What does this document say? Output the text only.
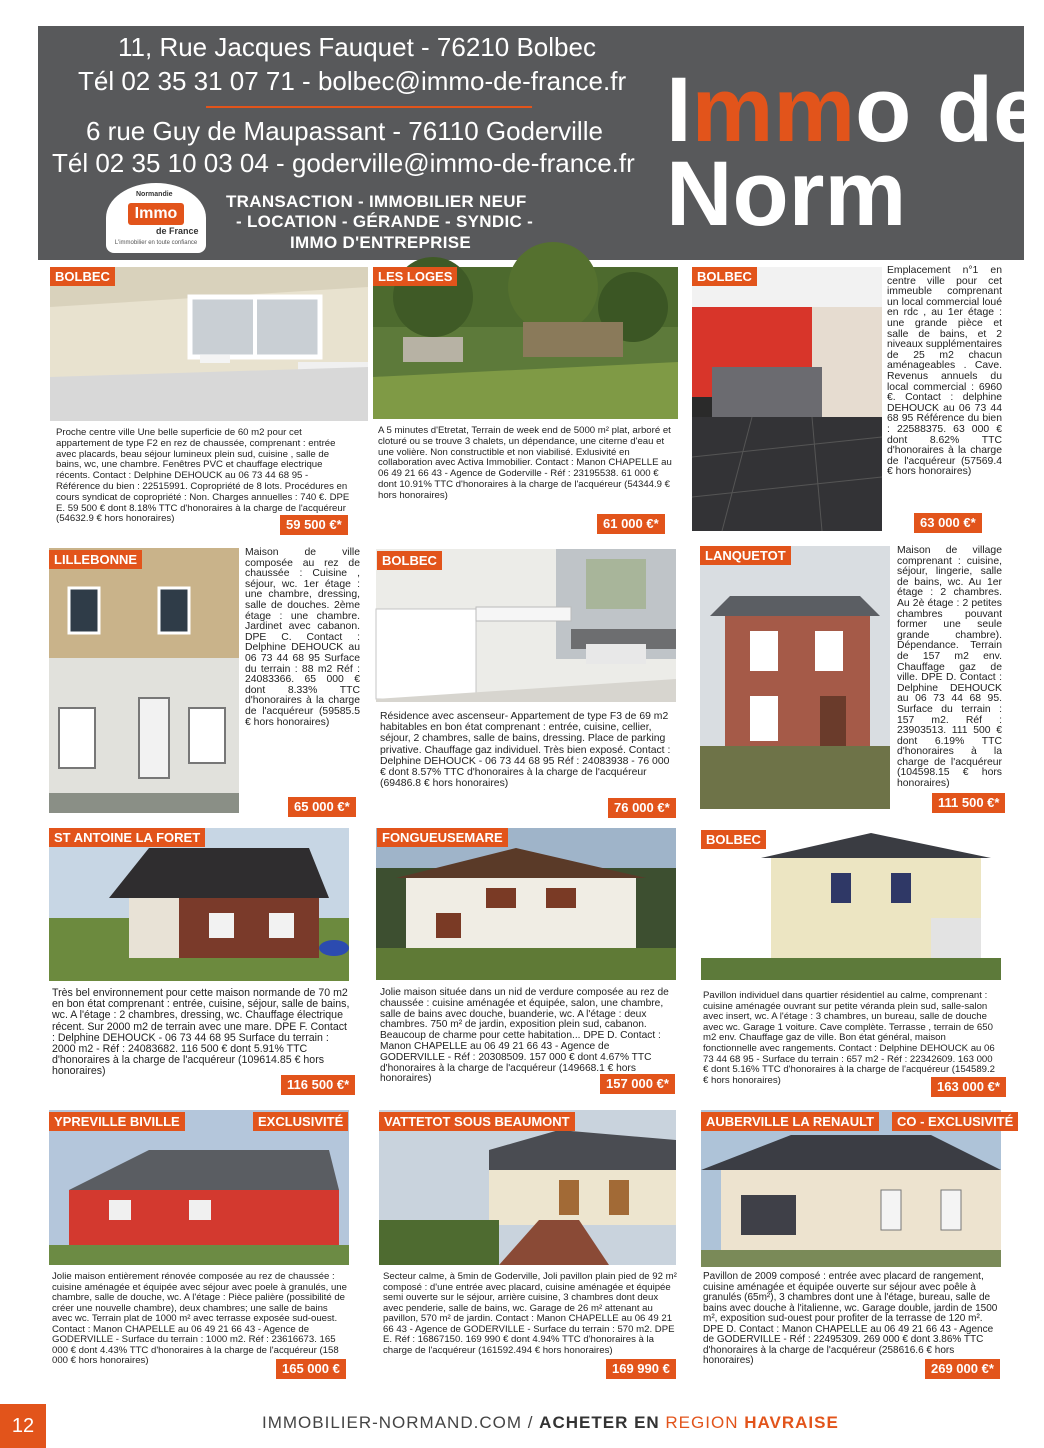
11, Rue Jacques Fauquet - 76210 Bolbec
Tél 02 35 31 07 71 - bolbec@immo-de-france.fr
6 rue Guy de Maupassant - 76110 Goderville
Tél 02 35 10 03 04 - goderville@immo-de-france.fr
Normandie
Immo
de France
L'immobilier en toute confiance
TRANSACTION - IMMOBILIER NEUF
- LOCATION - GÉRANDE - SYNDIC -
IMMO D'ENTREPRISE
Immo de
Norm
BOLBEC
Proche centre ville Une belle superficie de 60 m2 pour cet appartement de type F2 en rez de chaussée, comprenant : entrée avec placards, beau séjour lumineux plein sud, cuisine , salle de bains, wc, une chambre. Fenêtres PVC et chauffage electrique récents. Contact : Delphine DEHOUCK au 06 73 44 68 95 - Référence du bien : 22515991. Copropriété de 8 lots. Procédures en cours syndicat de copropriété : Non. Charges annuelles : 740 €. DPE E. 59 500 € dont 8.18% TTC d'honoraires à la charge de l'acquéreur (54632.9 € hors honoraires)	59 500 €*
LES LOGES
A 5 minutes d'Etretat, Terrain de week end de 5000 m² plat, arboré et cloturé ou se trouve 3 chalets, un dépendance, une citerne d'eau et une volière. Non constructible et non viabilisé. Exlusivité en collaboration avec Activa Immobilier. Contact : Manon CHAPELLE au 06 49 21 66 43 - Agence de Goderville - Réf : 23195538. 61 000 € dont 10.91% TTC d'honoraires à la charge de l'acquéreur (54344.9 € hors honoraires)
61 000 €*
BOLBEC	Emplacement n°1 en centre ville pour cet immeuble comprenant un local commercial loué en rdc , au 1er étage : une grande pièce et salle de bains, et 2 niveaux supplémentaires de 25 m2 chacun aménageables . Cave. Revenus annuels du local commercial : 6960 €. Contact : delphine DEHOUCK au 06 73 44 68 95 Référence du bien : 22588375. 63 000 € dont 8.62% TTC d'honoraires à la charge de l'acquéreur (57569.4 € hors honoraires)
63 000 €*
LILLEBONNE	Maison de ville composée au rez de chaussée : Cuisine , séjour, wc. 1er étage : une chambre, dressing, salle de douches. 2ème étage : une chambre. Jardinet avec cabanon. DPE C. Contact : Delphine DEHOUCK au 06 73 44 68 95 Surface du terrain : 88 m2 Réf : 24083366. 65 000 € dont 8.33% TTC d'honoraires à la charge de l'acquéreur (59585.5 € hors honoraires)
65 000 €*
BOLBEC
Résidence avec ascenseur- Appartement de type F3 de 69 m2 habitables en bon état comprenant : entrée, cuisine, cellier, séjour, 2 chambres, salle de bains, dressing. Place de parking privative. Chauffage gaz individuel. Très bien exposé. Contact : Delphine DEHOUCK - 06 73 44 68 95 Réf : 24083938 - 76 000 € dont 8.57% TTC d'honoraires à la charge de l'acquéreur (69486.8 € hors honoraires)
76 000 €*
LANQUETOT	Maison de village comprenant : cuisine, séjour, lingerie, salle de bains, wc. Au 1er étage : 2 chambres. Au 2è étage : 2 petites chambres pouvant former une seule grande chambre). Dépendance. Terrain de 157 m2 env. Chauffage gaz de ville. DPE D. Contact : Delphine DEHOUCK au 06 73 44 68 95. Surface du terrain : 157 m2. Réf : 23903513. 111 500 € dont 6.19% TTC d'honoraires à la charge de l'acquéreur (104598.15 € hors honoraires)
111 500 €*
ST ANTOINE LA FORET
Très bel environnement pour cette maison normande de 70 m2 en bon état comprenant : entrée, cuisine, séjour, salle de bains, wc. A l'étage : 2 chambres, dressing, wc. Chauffage électrique récent. Sur 2000 m2 de terrain avec une mare. DPE F. Contact : Delphine DEHOUCK - 06 73 44 68 95 Surface du terrain : 2000 m2 - Réf : 24083682. 116 500 € dont 5.91% TTC d'honoraires à la charge de l'acquéreur (109614.85 € hors honoraires)
116 500 €*
FONGUEUSEMARE
Jolie maison située dans un nid de verdure composée au rez de chaussée : cuisine aménagée et équipée, salon, une chambre, salle de bains avec douche, buanderie, wc. A l'étage : deux chambres. 750 m² de jardin, exposition plein sud, cabanon. Beaucoup de charme pour cette habitation... DPE D. Contact : Manon CHAPELLE au 06 49 21 66 43 - Agence de GODERVILLE - Réf : 20308509. 157 000 € dont 4.67% TTC d'honoraires à la charge de l'acquéreur (149668.1 € hors honoraires)	157 000 €*
BOLBEC
Pavillon individuel dans quartier résidentiel au calme, comprenant : cuisine aménagée ouvrant sur petite véranda plein sud, salle-salon avec insert, wc. A l'étage : 3 chambres, un bureau, salle de douche avec wc. Garage 1 voiture. Cave complète. Terrasse , terrain de 650 m2 env. Chauffage gaz de ville. Bon état général, maison fonctionnelle avec rangements. Contact : Delphine DEHOUCK au 06 73 44 68 95 - Surface du terrain : 657 m2 - Réf : 22342609. 163 000 € dont 5.16% TTC d'honoraires à la charge de l'acquéreur (154589.2 € hors honoraires)	163 000 €*
YPREVILLE BIVILLE	EXCLUSIVITÉ
Jolie maison entièrement rénovée composée au rez de chaussée : cuisine aménagée et équipée avec séjour avec poele à granulés, une chambre, salle de douche, wc. A l'étage : Pièce palière (possibilité de créer une nouvelle chambre), deux chambres; une salle de bains avec wc. Terrain plat de 1000 m² avec terrasse exposée sud-ouest. Contact : Manon CHAPELLE au 06 49 21 66 43 - Agence de GODERVILLE - Surface du terrain : 1000 m2. Réf : 23616673. 165 000 € dont 4.43% TTC d'honoraires à la charge de l'acquéreur (158 000 € hors honoraires)
165 000 €
VATTETOT SOUS BEAUMONT
Secteur calme, à 5min de Goderville, Joli pavillon plain pied de 92 m² composé : d'une entrée avec placard, cuisine aménagée et équipée semi ouverte sur le séjour, arrière cuisine, 3 chambres dont deux avec penderie, salle de bains, wc. Garage de 26 m² attenant au pavillon, 570 m² de jardin. Contact : Manon CHAPELLE au 06 49 21 66 43 - Agence de GODERVILLE - Surface du terrain : 570 m2. DPE E. Réf : 16867150. 169 990 € dont 4.94% TTC d'honoraires à la charge de l'acquéreur (161592.494 € hors honoraires)
169 990 €
AUBERVILLE LA RENAULT	CO - EXCLUSIVITÉ
Pavillon de 2009 composé : entrée avec placard de rangement, cuisine aménagée et équipée ouverte sur séjour avec poêle à granulés (65m²), 3 chambres dont une à l'étage, bureau, salle de bains avec douche à l'italienne, wc. Garage double, jardin de 1500 m², exposition sud-ouest pour profiter de la terrasse de 120 m². DPE D. Contact : Manon CHAPELLE au 06 49 21 66 43 - Agence de GODERVILLE - Réf : 22495309. 269 000 € dont 3.86% TTC d'honoraires à la charge de l'acquéreur (258616.6 € hors honoraires)
269 000 €*
12	IMMOBILIER-NORMAND.COM / ACHETER EN REGION HAVRAISE
